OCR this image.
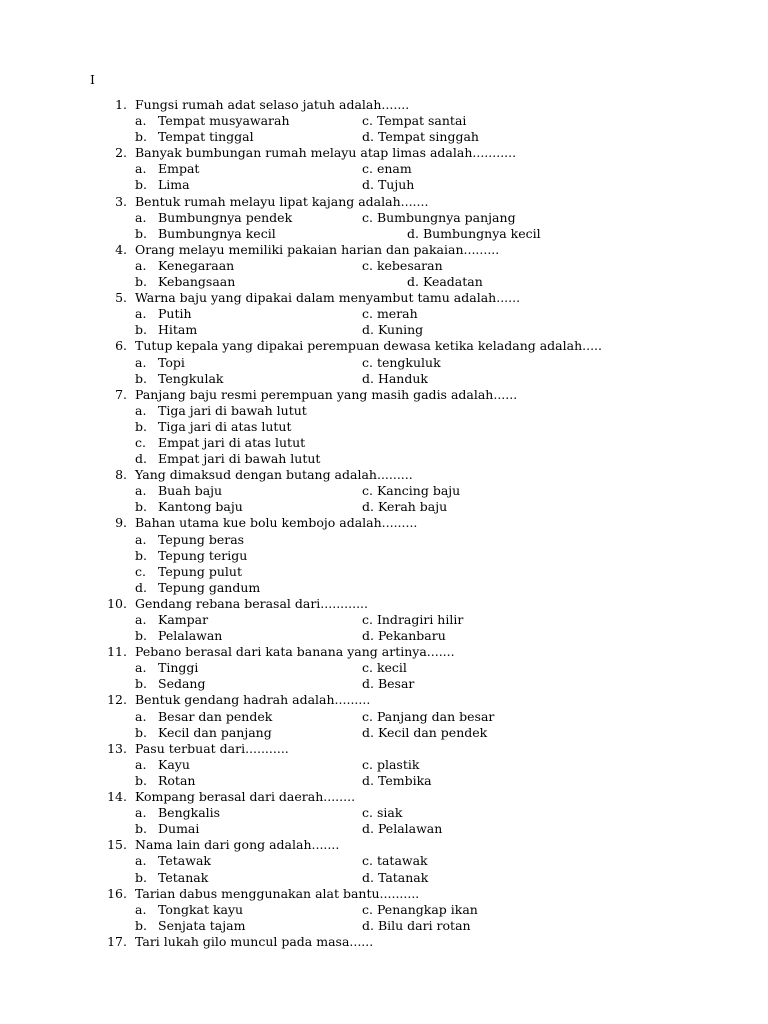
I
1. Fungsi rumah adat selaso jatuh adalah.......
a. Tempat musyawarah	c. Tempat santai
b. Tempat tinggal	d. Tempat singgah
2. Banyak bumbungan rumah melayu atap limas adalah...........
a. Empat	c. enam
b. Lima	d. Tujuh
3. Bentuk rumah melayu lipat kajang adalah.......
a. Bumbungnya pendek	c. Bumbungnya panjang
b. Bumbungnya kecil	d. Bumbungnya kecil
4. Orang melayu memiliki pakaian harian dan pakaian.........
a. Kenegaraan	c. kebesaran
b. Kebangsaan	d. Keadatan
5. Warna baju yang dipakai dalam menyambut tamu adalah......
a. Putih	c. merah
b. Hitam	d. Kuning
6. Tutup kepala yang dipakai perempuan dewasa ketika keladang adalah.....
a. Topi	c. tengkuluk
b. Tengkulak	d. Handuk
7. Panjang baju resmi perempuan yang masih gadis adalah......
a. Tiga jari di bawah lutut
b. Tiga jari di atas lutut
c. Empat jari di atas lutut
d. Empat jari di bawah lutut
8. Yang dimaksud dengan butang adalah.........
a. Buah baju	c. Kancing baju
b. Kantong baju	d. Kerah baju
9. Bahan utama kue bolu kembojo adalah.........
a. Tepung beras
b. Tepung terigu
c. Tepung pulut
d. Tepung gandum
10. Gendang rebana berasal dari............
a. Kampar	c. Indragiri hilir
b. Pelalawan	d. Pekanbaru
11. Pebano berasal dari kata banana yang artinya.......
a. Tinggi	c. kecil
b. Sedang	d. Besar
12. Bentuk gendang hadrah adalah.........
a. Besar dan pendek	c. Panjang dan besar
b. Kecil dan panjang	d. Kecil dan pendek
13. Pasu terbuat dari...........
a. Kayu	c. plastik
b. Rotan	d. Tembika
14. Kompang berasal dari daerah........
a. Bengkalis	c. siak
b. Dumai	d. Pelalawan
15. Nama lain dari gong adalah.......
a. Tetawak	c. tatawak
b. Tetanak	d. Tatanak
16. Tarian dabus menggunakan alat bantu..........
a. Tongkat kayu	c. Penangkap ikan
b. Senjata tajam	d. Bilu dari rotan
17. Tari lukah gilo muncul pada masa......
